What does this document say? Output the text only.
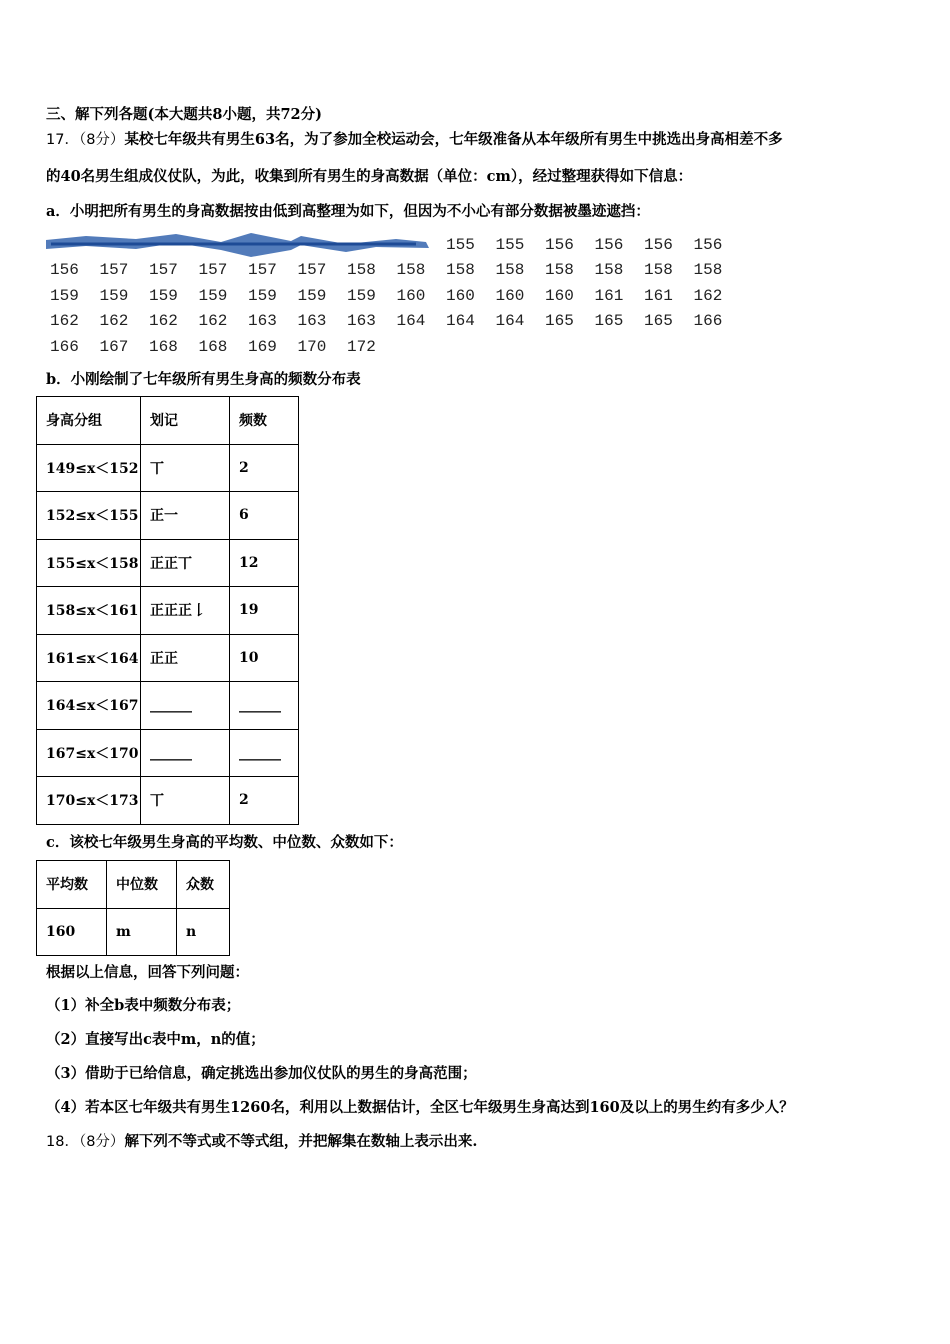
三、解下列各题(本大题共8小题，共72分)
17．（8分）某校七年级共有男生63名，为了参加全校运动会，七年级准备从本年级所有男生中挑选出身高相差不多
的40名男生组成仪仗队，为此，收集到所有男生的身高数据（单位：cm），经过整理获得如下信息：
a．小明把所有男生的身高数据按由低到高整理为如下，但因为不小心有部分数据被墨迹遮挡：
155	155	156	156	156	156
156	157	157	157	157	157	158	158	158	158	158	158	158	158
159	159	159	159	159	159	159	160	160	160	160	161	161	162
162	162	162	162	163	163	163	164	164	164	165	165	165	166
166	167	168	168	169	170	172
b．小刚绘制了七年级所有男生身高的频数分布表
身高分组	划记	频数
149≤x＜152	丅	2
152≤x＜155	正一	6
155≤x＜158	正正丅	12
158≤x＜161	正正正𠄌	19
161≤x＜164	正正	10
164≤x＜167	______	______
167≤x＜170	______	______
170≤x＜173	丅	2
c．该校七年级男生身高的平均数、中位数、众数如下：
平均数	中位数	众数
160	m	n
根据以上信息，回答下列问题：
（1）补全b表中频数分布表；
（2）直接写出c表中m，n的值；
（3）借助于已给信息，确定挑选出参加仪仗队的男生的身高范围；
（4）若本区七年级共有男生1260名，利用以上数据估计，全区七年级男生身高达到160及以上的男生约有多少人？
18．（8分）解下列不等式或不等式组，并把解集在数轴上表示出来.
